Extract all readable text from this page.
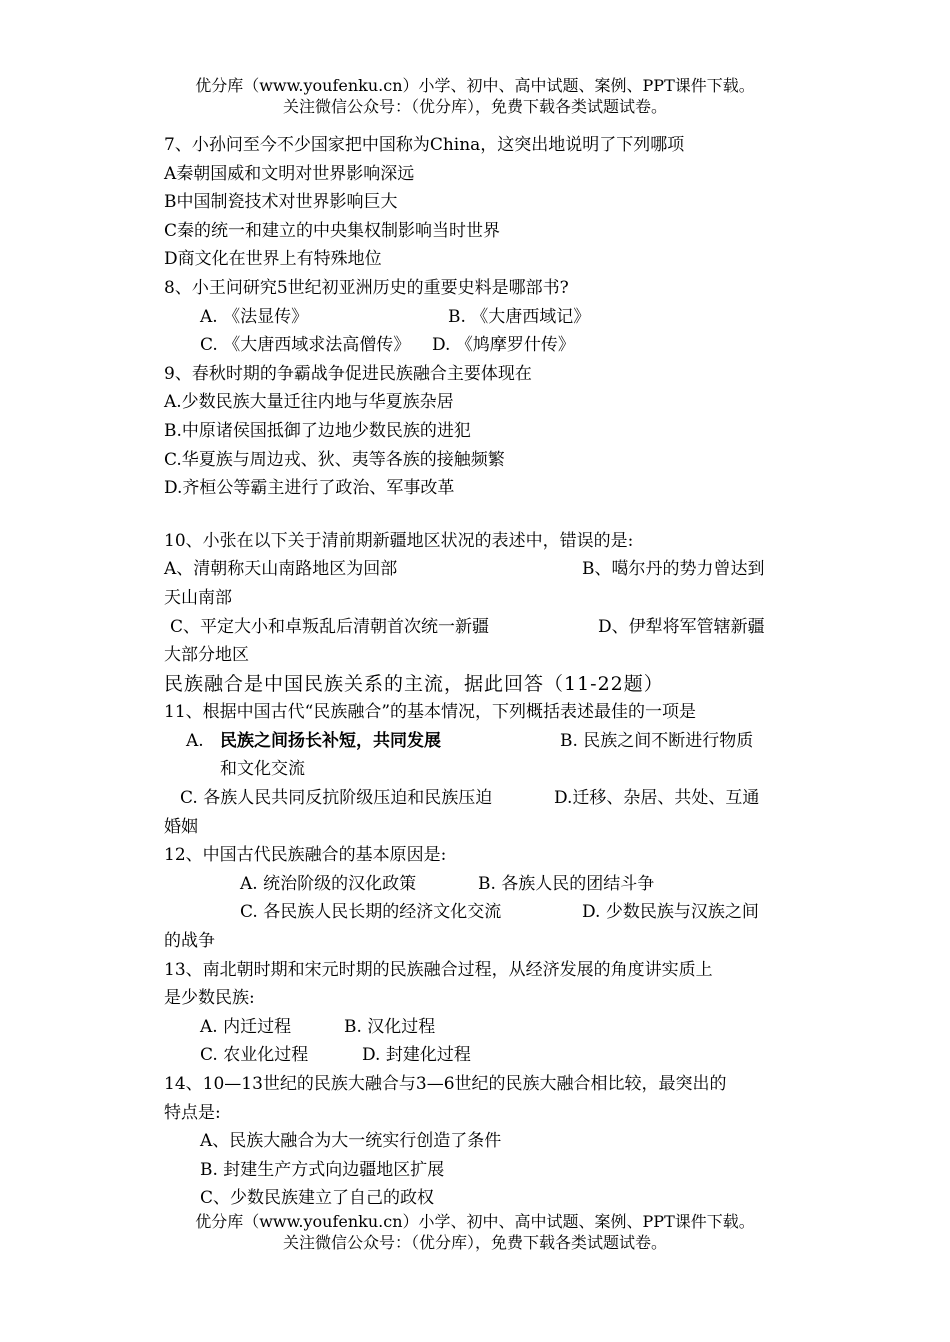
优分库（www.youfenku.cn）小学、初中、高中试题、案例、PPT课件下载。
关注微信公众号：（优分库），免费下载各类试题试卷。
7、小孙问至今不少国家把中国称为China，这突出地说明了下列哪项
A秦朝国威和文明对世界影响深远
B中国制瓷技术对世界影响巨大
C秦的统一和建立的中央集权制影响当时世界
D商文化在世界上有特殊地位
8、小王问研究5世纪初亚洲历史的重要史料是哪部书?
A. 《法显传》	B. 《大唐西域记》
C. 《大唐西域求法高僧传》 D. 《鸠摩罗什传》
9、春秋时期的争霸战争促进民族融合主要体现在
A.少数民族大量迁往内地与华夏族杂居
B.中原诸侯国抵御了边地少数民族的进犯
C.华夏族与周边戎、狄、夷等各族的接触频繁
D.齐桓公等霸主进行了政治、军事改革
10、小张在以下关于清前期新疆地区状况的表述中，错误的是:
A、清朝称天山南路地区为回部	B、噶尔丹的势力曾达到
天山南部
C、平定大小和卓叛乱后清朝首次统一新疆	D、伊犁将军管辖新疆
大部分地区
民族融合是中国民族关系的主流，据此回答（11-22题）
11、根据中国古代“民族融合”的基本情况，下列概括表述最佳的一项是
A. 民族之间扬长补短，共同发展	B. 民族之间不断进行物质
和文化交流
C. 各族人民共同反抗阶级压迫和民族压迫	D.迁移、杂居、共处、互通
婚姻
12、中国古代民族融合的基本原因是:
A. 统治阶级的汉化政策	B. 各族人民的团结斗争
C. 各民族人民长期的经济文化交流	D. 少数民族与汉族之间
的战争
13、南北朝时期和宋元时期的民族融合过程，从经济发展的角度讲实质上
是少数民族:
A. 内迁过程	B. 汉化过程
C. 农业化过程	D. 封建化过程
14、10—13世纪的民族大融合与3—6世纪的民族大融合相比较，最突出的
特点是:
A、民族大融合为大一统实行创造了条件
B. 封建生产方式向边疆地区扩展
C、少数民族建立了自己的政权
优分库（www.youfenku.cn）小学、初中、高中试题、案例、PPT课件下载。
关注微信公众号：（优分库），免费下载各类试题试卷。
